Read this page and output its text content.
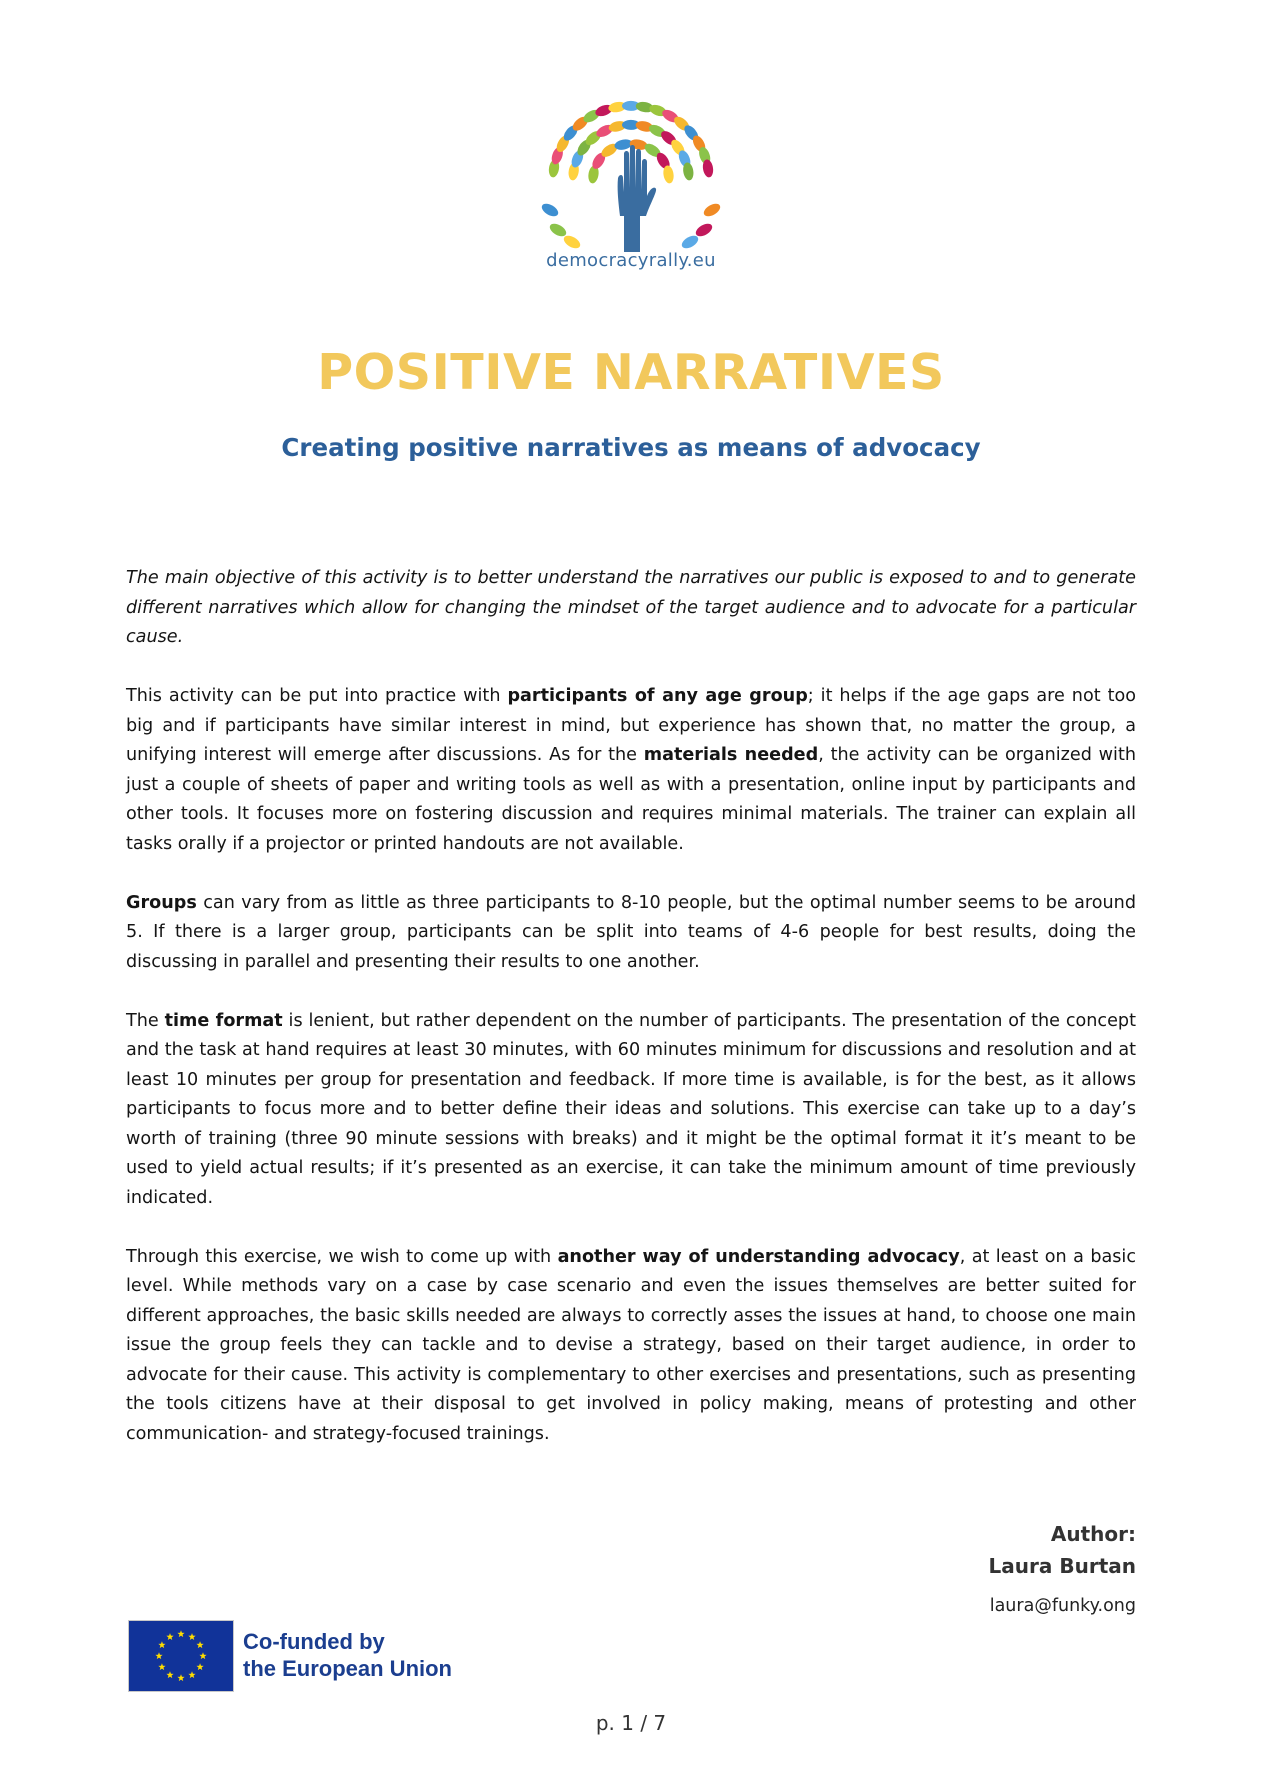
democracyrally.eu
POSITIVE NARRATIVES
Creating positive narratives as means of advocacy

The main objective of this activity is to better understand the narratives our public is exposed to and to generate different narratives which allow for changing the mindset of the target audience and to advocate for a particular cause.

This activity can be put into practice with participants of any age group; it helps if the age gaps are not too big and if participants have similar interest in mind, but experience has shown that, no matter the group, a unifying interest will emerge after discussions. As for the materials needed, the activity can be organized with just a couple of sheets of paper and writing tools as well as with a presentation, online input by participants and other tools. It focuses more on fostering discussion and requires minimal materials. The trainer can explain all tasks orally if a projector or printed handouts are not available.

Groups can vary from as little as three participants to 8-10 people, but the optimal number seems to be around 5. If there is a larger group, participants can be split into teams of 4-6 people for best results, doing the discussing in parallel and presenting their results to one another.

The time format is lenient, but rather dependent on the number of participants. The presentation of the concept and the task at hand requires at least 30 minutes, with 60 minutes minimum for discussions and resolution and at least 10 minutes per group for presentation and feedback. If more time is available, is for the best, as it allows participants to focus more and to better define their ideas and solutions. This exercise can take up to a day’s worth of training (three 90 minute sessions with breaks) and it might be the optimal format it it’s meant to be used to yield actual results; if it’s presented as an exercise, it can take the minimum amount of time previously indicated.

Through this exercise, we wish to come up with another way of understanding advocacy, at least on a basic level. While methods vary on a case by case scenario and even the issues themselves are better suited for different approaches, the basic skills needed are always to correctly asses the issues at hand, to choose one main issue the group feels they can tackle and to devise a strategy, based on their target audience, in order to advocate for their cause. This activity is complementary to other exercises and presentations, such as presenting the tools citizens have at their disposal to get involved in policy making, means of protesting and other communication- and strategy-focused trainings.

Author:
Laura Burtan
laura@funky.ong
Co-funded by
the European Union
p. 1 / 7
